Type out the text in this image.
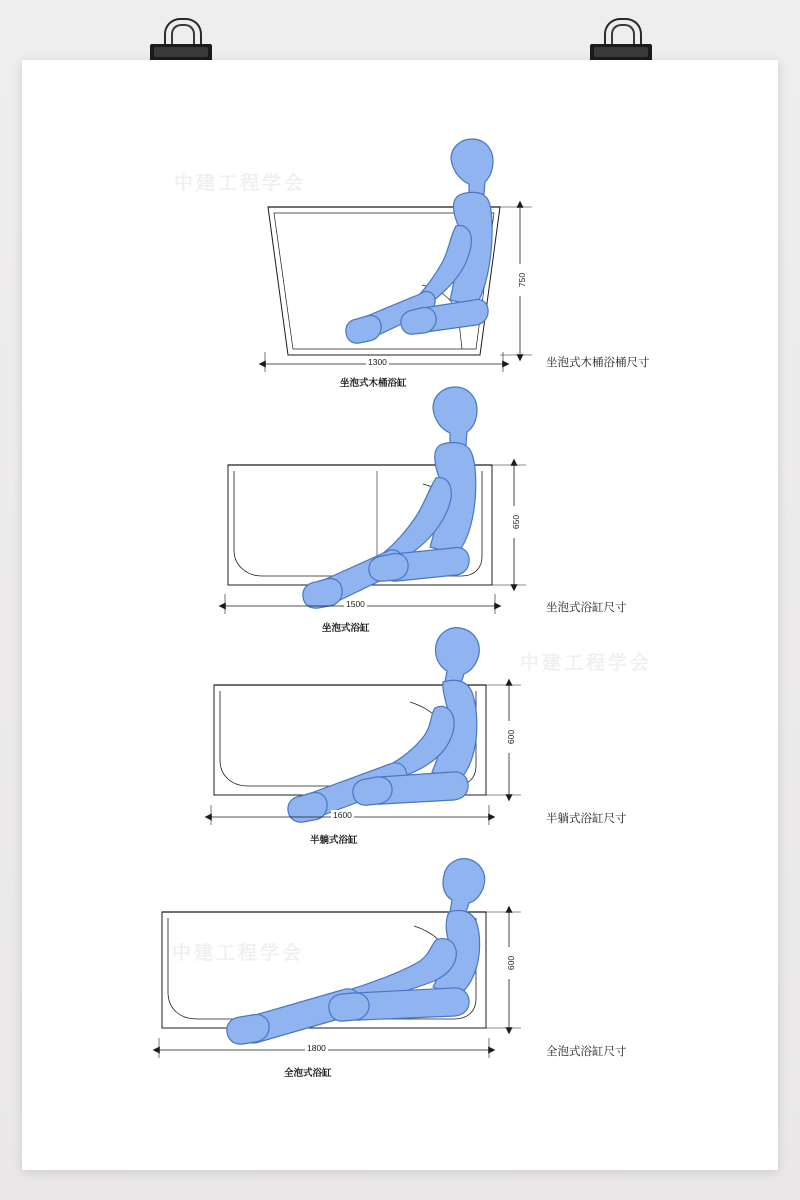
中建工程学会
中建工程学会
中建工程学会
750
1300	坐泡式木桶浴桶尺寸
坐泡式木桶浴缸
650
1500	坐泡式浴缸尺寸
坐泡式浴缸
600
1600	半躺式浴缸尺寸
半躺式浴缸
600
1800	全泡式浴缸尺寸
全泡式浴缸
